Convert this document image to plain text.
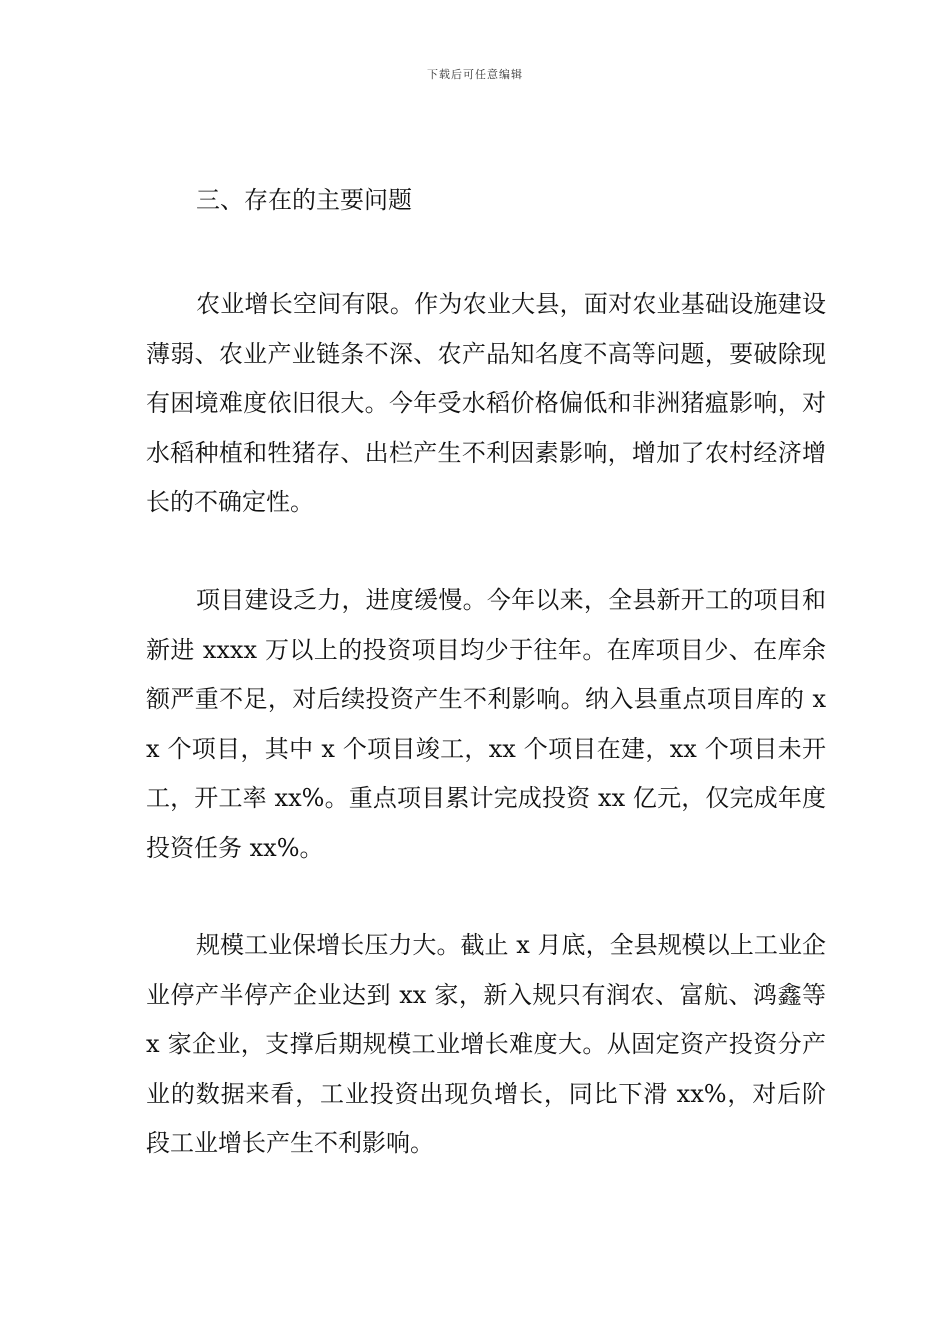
下载后可任意编辑
三、存在的主要问题

农业增长空间有限。作为农业大县，面对农业基础设施建设薄弱、农业产业链条不深、农产品知名度不高等问题，要破除现有困境难度依旧很大。今年受水稻价格偏低和非洲猪瘟影响，对水稻种植和牲猪存、出栏产生不利因素影响，增加了农村经济增长的不确定性。

项目建设乏力，进度缓慢。今年以来，全县新开工的项目和新进 xxxx 万以上的投资项目均少于往年。在库项目少、在库余额严重不足，对后续投资产生不利影响。纳入县重点项目库的 xx 个项目，其中 x 个项目竣工，xx 个项目在建，xx 个项目未开工，开工率 xx%。重点项目累计完成投资 xx 亿元，仅完成年度投资任务 xx%。

规模工业保增长压力大。截止 x 月底，全县规模以上工业企业停产半停产企业达到 xx 家，新入规只有润农、富航、鸿鑫等 x 家企业，支撑后期规模工业增长难度大。从固定资产投资分产业的数据来看，工业投资出现负增长，同比下滑 xx%，对后阶段工业增长产生不利影响。
